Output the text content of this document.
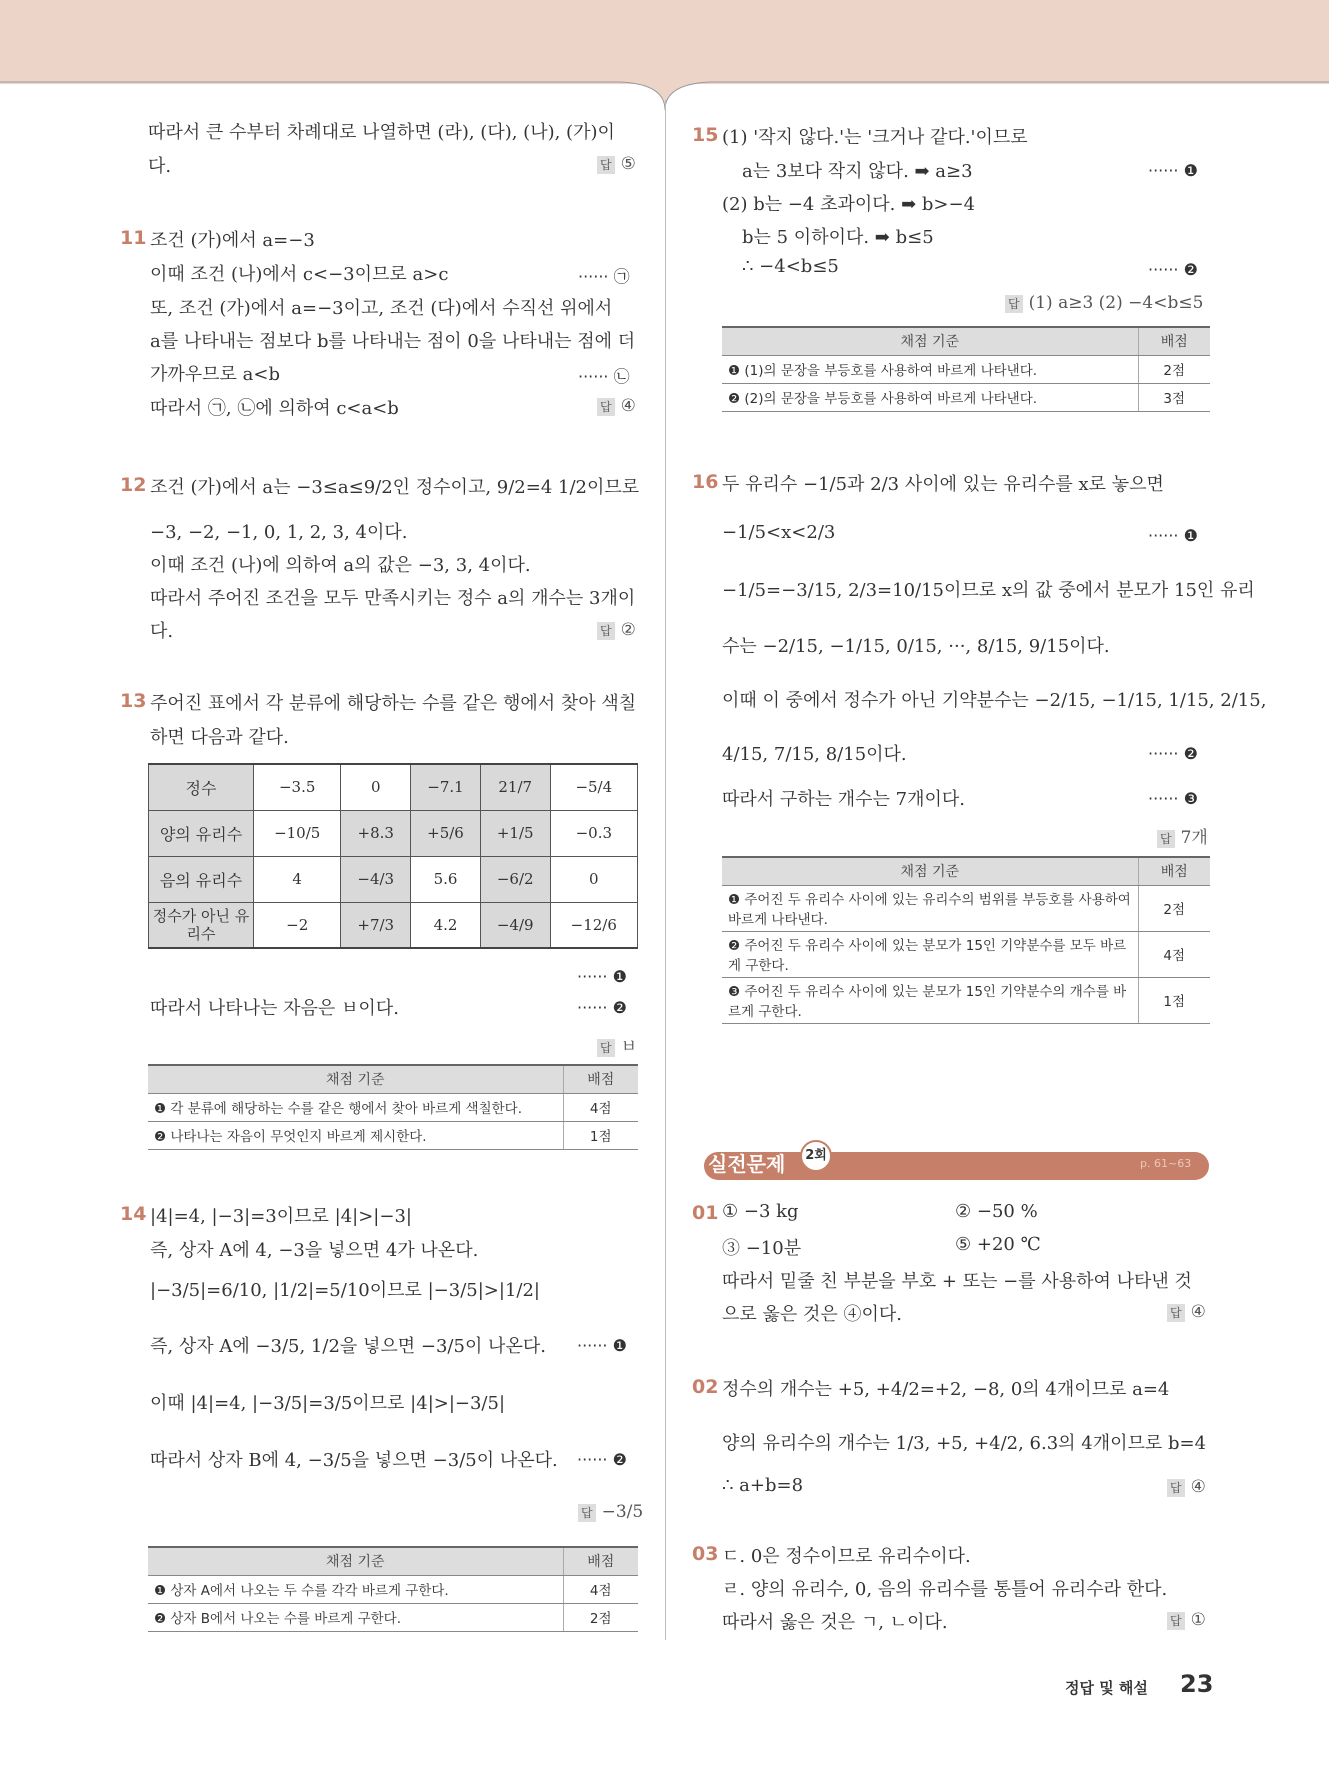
따라서 큰 수부터 차례대로 나열하면 (라), (다), (나), (가)이
다.	답 ⑤
11 조건 (가)에서 a=−3
이때 조건 (나)에서 c<−3이므로 a>c	······ ㉠
또, 조건 (가)에서 a=−3이고, 조건 (다)에서 수직선 위에서
a를 나타내는 점보다 b를 나타내는 점이 0을 나타내는 점에 더
가까우므로 a<b	······ ㉡
따라서 ㉠, ㉡에 의하여 c<a<b	답 ④
12 조건 (가)에서 a는 −3≤a≤9/2인 정수이고, 9/2=4 1/2이므로
−3, −2, −1, 0, 1, 2, 3, 4이다.
이때 조건 (나)에 의하여 a의 값은 −3, 3, 4이다.
따라서 주어진 조건을 모두 만족시키는 정수 a의 개수는 3개이
다.	답 ②
13 주어진 표에서 각 분류에 해당하는 수를 같은 행에서 찾아 색칠
하면 다음과 같다.
정수	−3.5	0	−7.1	21/7	−5/4
양의 유리수	−10/5	+8.3	+5/6	+1/5	−0.3
음의 유리수	4	−4/3	5.6	−6/2	0
정수가 아닌 유리수	−2	+7/3	4.2	−4/9	−12/6
······ ❶
따라서 나타나는 자음은 ㅂ이다.	······ ❷
답 ㅂ
채점 기준	배점
❶ 각 분류에 해당하는 수를 같은 행에서 찾아 바르게 색칠한다.	4점
❷ 나타나는 자음이 무엇인지 바르게 제시한다.	1점
14 |4|=4, |−3|=3이므로 |4|>|−3|
즉, 상자 A에 4, −3을 넣으면 4가 나온다.
|−3/5|=6/10, |1/2|=5/10이므로 |−3/5|>|1/2|
즉, 상자 A에 −3/5, 1/2을 넣으면 −3/5이 나온다. ······ ❶
이때 |4|=4, |−3/5|=3/5이므로 |4|>|−3/5|
따라서 상자 B에 4, −3/5을 넣으면 −3/5이 나온다. ······ ❷
답 −3/5
채점 기준	배점
❶ 상자 A에서 나오는 두 수를 각각 바르게 구한다.	4점
❷ 상자 B에서 나오는 수를 바르게 구한다.	2점
15 (1) '작지 않다.'는 '크거나 같다.'이므로
a는 3보다 작지 않다. ➡ a≥3	······ ❶
(2) b는 −4 초과이다. ➡ b>−4
b는 5 이하이다. ➡ b≤5
∴ −4<b≤5	······ ❷
답 (1) a≥3 (2) −4<b≤5
채점 기준	배점
❶ (1)의 문장을 부등호를 사용하여 바르게 나타낸다.	2점
❷ (2)의 문장을 부등호를 사용하여 바르게 나타낸다.	3점
16 두 유리수 −1/5과 2/3 사이에 있는 유리수를 x로 놓으면
−1/5<x<2/3	······ ❶
−1/5=−3/15, 2/3=10/15이므로 x의 값 중에서 분모가 15인 유리
수는 −2/15, −1/15, 0/15, ···, 8/15, 9/15이다.
이때 이 중에서 정수가 아닌 기약분수는 −2/15, −1/15, 1/15, 2/15,
4/15, 7/15, 8/15이다.	······ ❷
따라서 구하는 개수는 7개이다.	······ ❸
답 7개
채점 기준	배점
❶ 주어진 두 유리수 사이에 있는 유리수의 범위를 부등호를 사용하여 바르게 나타낸다.	2점
❷ 주어진 두 유리수 사이에 있는 분모가 15인 기약분수를 모두 바르게 구한다.	4점
❸ 주어진 두 유리수 사이에 있는 분모가 15인 기약분수의 개수를 바르게 구한다.	1점
실전문제	2회
p. 61~63
01 ① −3 kg	② −50 %
③ −10분	⑤ +20 ℃
따라서 밑줄 친 부분을 부호 + 또는 −를 사용하여 나타낸 것
으로 옳은 것은 ④이다.	답 ④
02 정수의 개수는 +5, +4/2=+2, −8, 0의 4개이므로 a=4
양의 유리수의 개수는 1/3, +5, +4/2, 6.3의 4개이므로 b=4
∴ a+b=8	답 ④
03 ㄷ. 0은 정수이므로 유리수이다.
ㄹ. 양의 유리수, 0, 음의 유리수를 통틀어 유리수라 한다.
따라서 옳은 것은 ㄱ, ㄴ이다.	답 ①
정답 및 해설 23
